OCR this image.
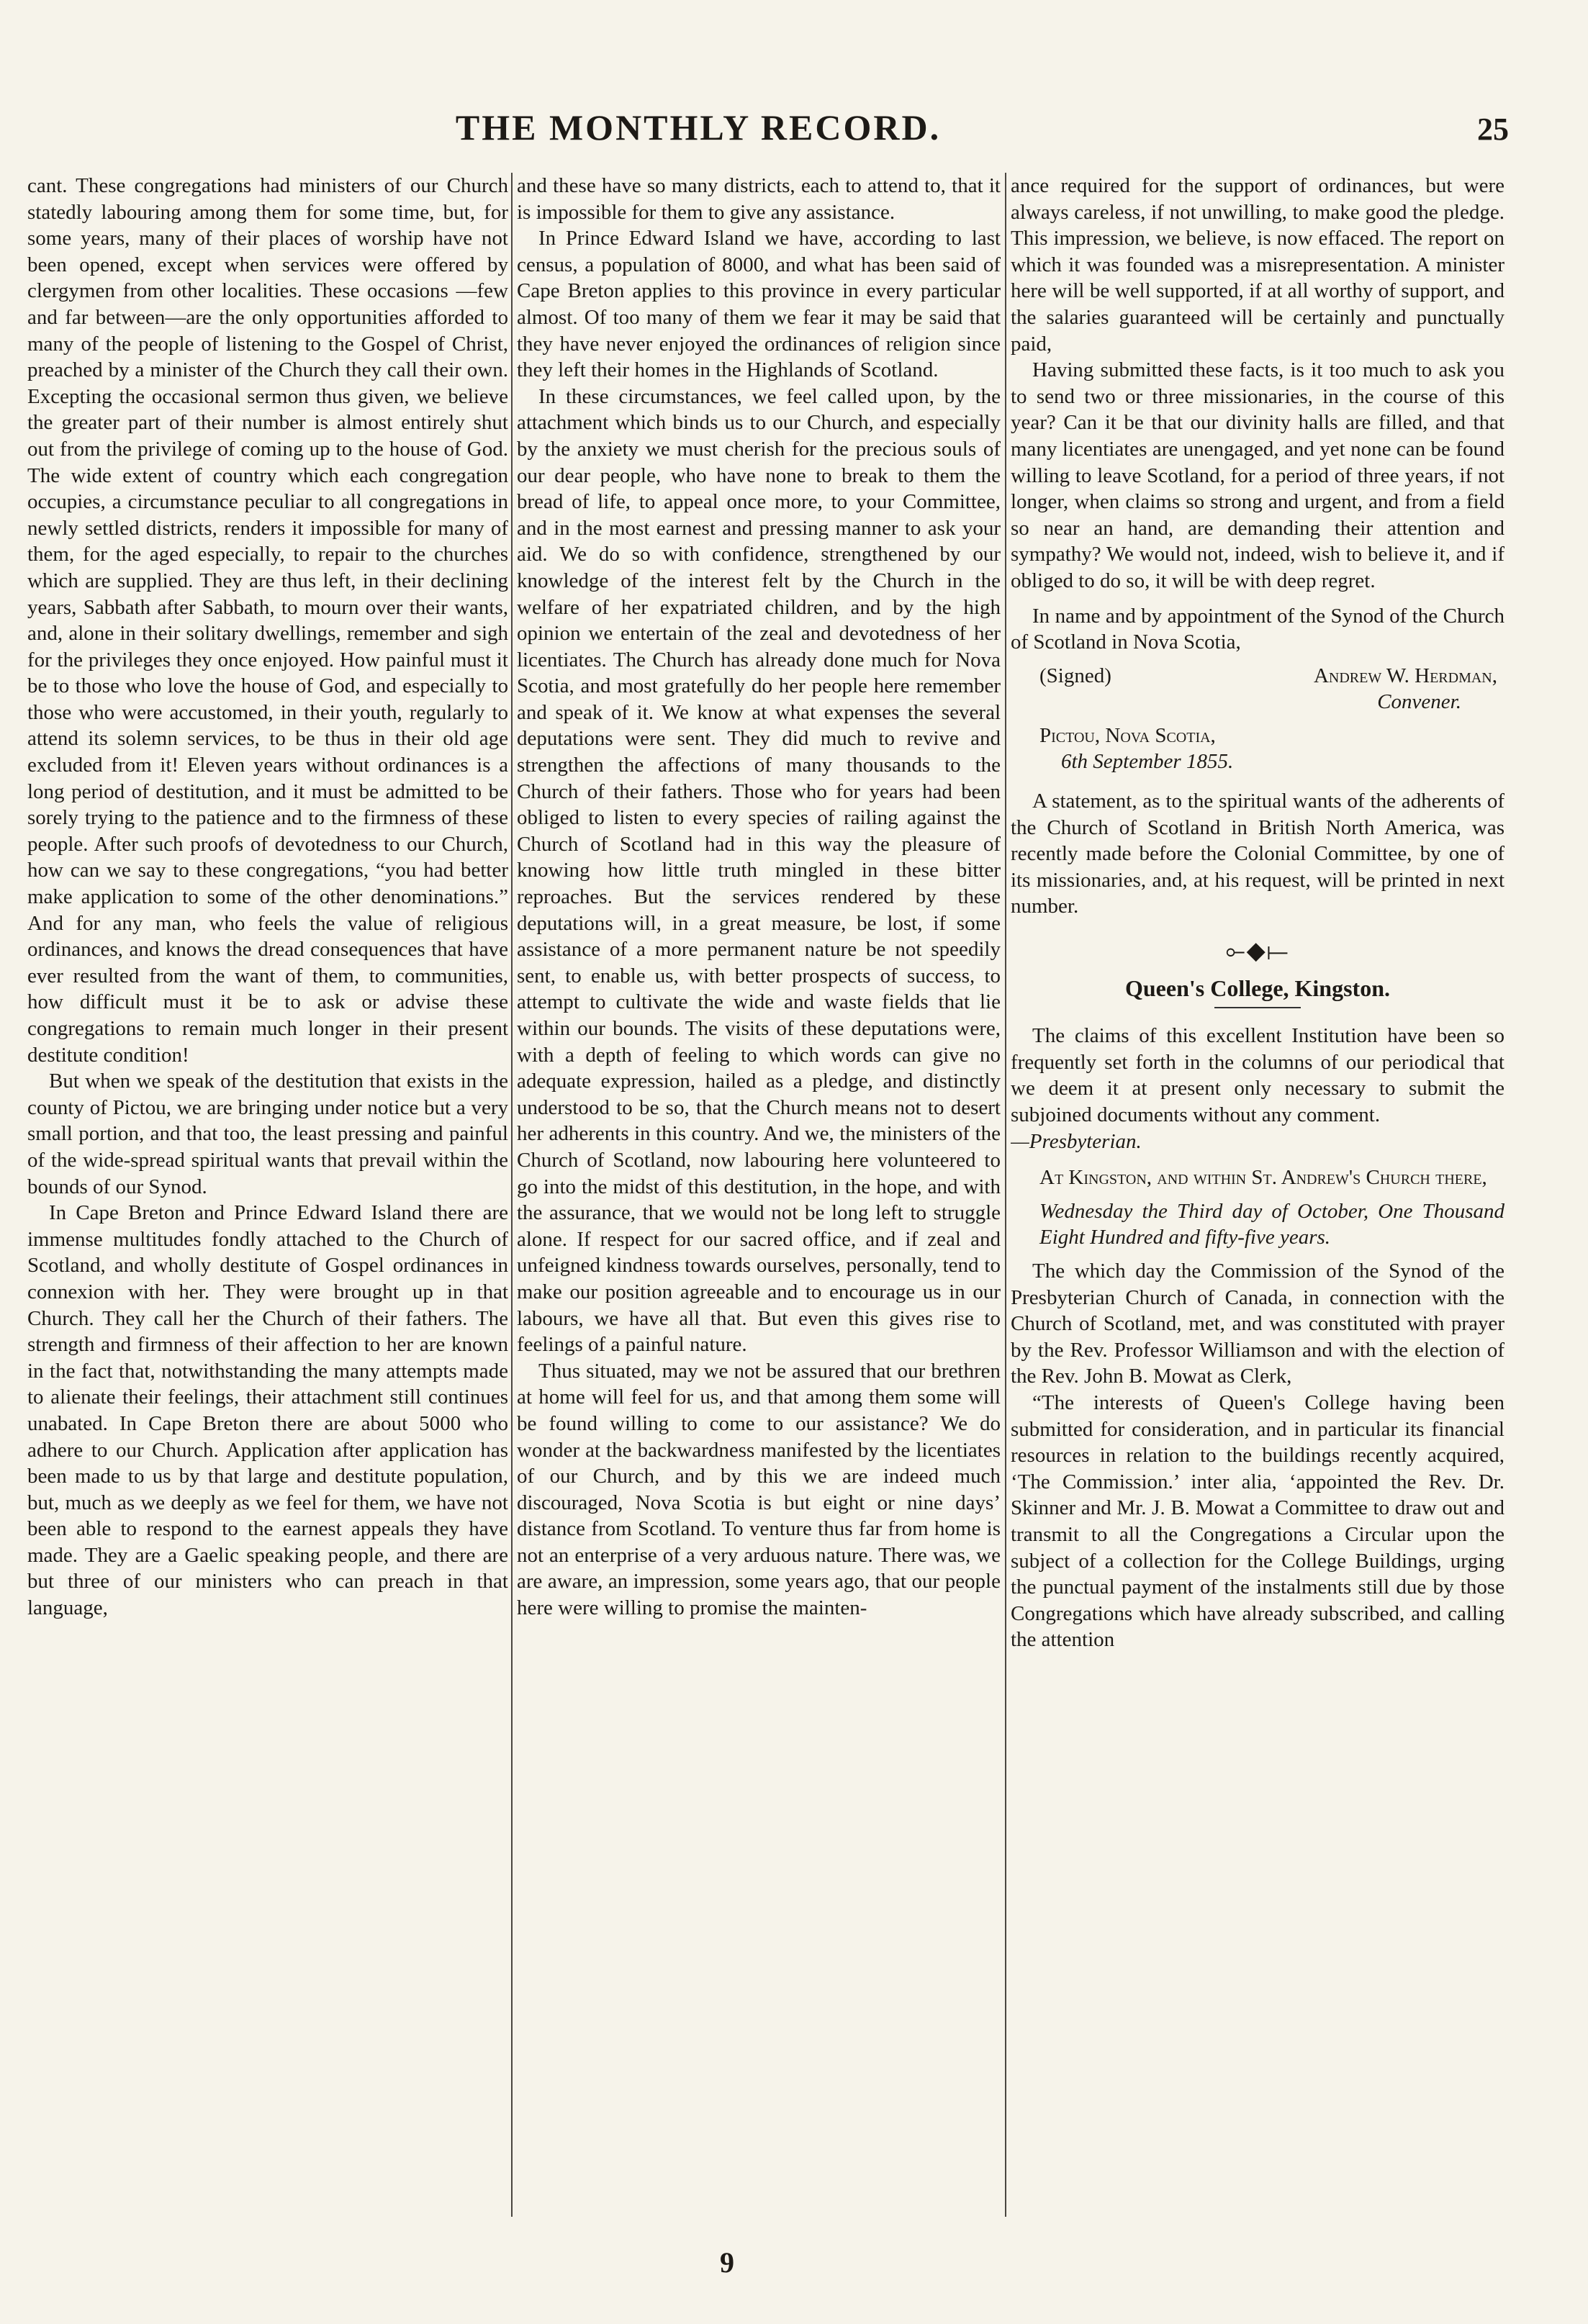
THE MONTHLY RECORD.	25

cant. These congregations had ministers of our Church statedly labouring among them for some time, but, for some years, many of their places of worship have not been opened, except when services were offered by clergymen from other localities. These occasions —few and far between—are the only opportunities afforded to many of the people of listening to the Gospel of Christ, preached by a minister of the Church they call their own. Excepting the occasional sermon thus given, we believe the greater part of their number is almost entirely shut out from the privilege of coming up to the house of God. The wide extent of country which each congregation occupies, a circumstance peculiar to all congregations in newly settled districts, renders it impossible for many of them, for the aged especially, to repair to the churches which are supplied. They are thus left, in their declining years, Sabbath after Sabbath, to mourn over their wants, and, alone in their solitary dwellings, remember and sigh for the privileges they once enjoyed. How painful must it be to those who love the house of God, and especially to those who were accustomed, in their youth, regularly to attend its solemn services, to be thus in their old age excluded from it! Eleven years without ordinances is a long period of destitution, and it must be admitted to be sorely trying to the patience and to the firmness of these people. After such proofs of devotedness to our Church, how can we say to these congregations, “you had better make application to some of the other denominations.” And for any man, who feels the value of religious ordinances, and knows the dread consequences that have ever resulted from the want of them, to communities, how difficult must it be to ask or advise these congregations to remain much longer in their present destitute condition!

But when we speak of the destitution that exists in the county of Pictou, we are bringing under notice but a very small portion, and that too, the least pressing and painful of the wide-spread spiritual wants that prevail within the bounds of our Synod.

In Cape Breton and Prince Edward Island there are immense multitudes fondly attached to the Church of Scotland, and wholly destitute of Gospel ordinances in connexion with her. They were brought up in that Church. They call her the Church of their fathers. The strength and firmness of their affection to her are known in the fact that, notwithstanding the many attempts made to alienate their feelings, their attachment still continues unabated. In Cape Breton there are about 5000 who adhere to our Church. Application after application has been made to us by that large and destitute population, but, much as we deeply as we feel for them, we have not been able to respond to the earnest appeals they have made. They are a Gaelic speaking people, and there are but three of our ministers who can preach in that language,

and these have so many districts, each to attend to, that it is impossible for them to give any assistance.

In Prince Edward Island we have, according to last census, a population of 8000, and what has been said of Cape Breton applies to this province in every particular almost. Of too many of them we fear it may be said that they have never enjoyed the ordinances of religion since they left their homes in the Highlands of Scotland.

In these circumstances, we feel called upon, by the attachment which binds us to our Church, and especially by the anxiety we must cherish for the precious souls of our dear people, who have none to break to them the bread of life, to appeal once more, to your Committee, and in the most earnest and pressing manner to ask your aid. We do so with confidence, strengthened by our knowledge of the interest felt by the Church in the welfare of her expatriated children, and by the high opinion we entertain of the zeal and devotedness of her licentiates. The Church has already done much for Nova Scotia, and most gratefully do her people here remember and speak of it. We know at what expenses the several deputations were sent. They did much to revive and strengthen the affections of many thousands to the Church of their fathers. Those who for years had been obliged to listen to every species of railing against the Church of Scotland had in this way the pleasure of knowing how little truth mingled in these bitter reproaches. But the services rendered by these deputations will, in a great measure, be lost, if some assistance of a more permanent nature be not speedily sent, to enable us, with better prospects of success, to attempt to cultivate the wide and waste fields that lie within our bounds. The visits of these deputations were, with a depth of feeling to which words can give no adequate expression, hailed as a pledge, and distinctly understood to be so, that the Church means not to desert her adherents in this country. And we, the ministers of the Church of Scotland, now labouring here volunteered to go into the midst of this destitution, in the hope, and with the assurance, that we would not be long left to struggle alone. If respect for our sacred office, and if zeal and unfeigned kindness towards ourselves, personally, tend to make our position agreeable and to encourage us in our labours, we have all that. But even this gives rise to feelings of a painful nature.

Thus situated, may we not be assured that our brethren at home will feel for us, and that among them some will be found willing to come to our assistance? We do wonder at the backwardness manifested by the licentiates of our Church, and by this we are indeed much discouraged, Nova Scotia is but eight or nine days’ distance from Scotland. To venture thus far from home is not an enterprise of a very arduous nature. There was, we are aware, an impression, some years ago, that our people here were willing to promise the mainten-

ance required for the support of ordinances, but were always careless, if not unwilling, to make good the pledge. This impression, we believe, is now effaced. The report on which it was founded was a misrepresentation. A minister here will be well supported, if at all worthy of support, and the salaries guaranteed will be certainly and punctually paid,

Having submitted these facts, is it too much to ask you to send two or three missionaries, in the course of this year? Can it be that our divinity halls are filled, and that many licentiates are unengaged, and yet none can be found willing to leave Scotland, for a period of three years, if not longer, when claims so strong and urgent, and from a field so near an hand, are demanding their attention and sympathy? We would not, indeed, wish to believe it, and if obliged to do so, it will be with deep regret.

In name and by appointment of the Synod of the Church of Scotland in Nova Scotia,

(Signed)	Andrew W. Herdman,
Convener.
Pictou, Nova Scotia,
6th September 1855.

A statement, as to the spiritual wants of the adherents of the Church of Scotland in British North America, was recently made before the Colonial Committee, by one of its missionaries, and, at his request, will be printed in next number.

⟜◆⟝
Queen's College, Kingston.

The claims of this excellent Institution have been so frequently set forth in the columns of our periodical that we deem it at present only necessary to submit the subjoined documents without any comment.

—Presbyterian.

At Kingston, and within St. Andrew's Church there,

Wednesday the Third day of October, One Thousand Eight Hundred and fifty-five years.

The which day the Commission of the Synod of the Presbyterian Church of Canada, in connection with the Church of Scotland, met, and was constituted with prayer by the Rev. Professor Williamson and with the election of the Rev. John B. Mowat as Clerk,

“The interests of Queen's College having been submitted for consideration, and in particular its financial resources in relation to the buildings recently acquired, ‘The Commission.’ inter alia, ‘appointed the Rev. Dr. Skinner and Mr. J. B. Mowat a Committee to draw out and transmit to all the Congregations a Circular upon the subject of a collection for the College Buildings, urging the punctual payment of the instalments still due by those Congregations which have already subscribed, and calling the attention

9
